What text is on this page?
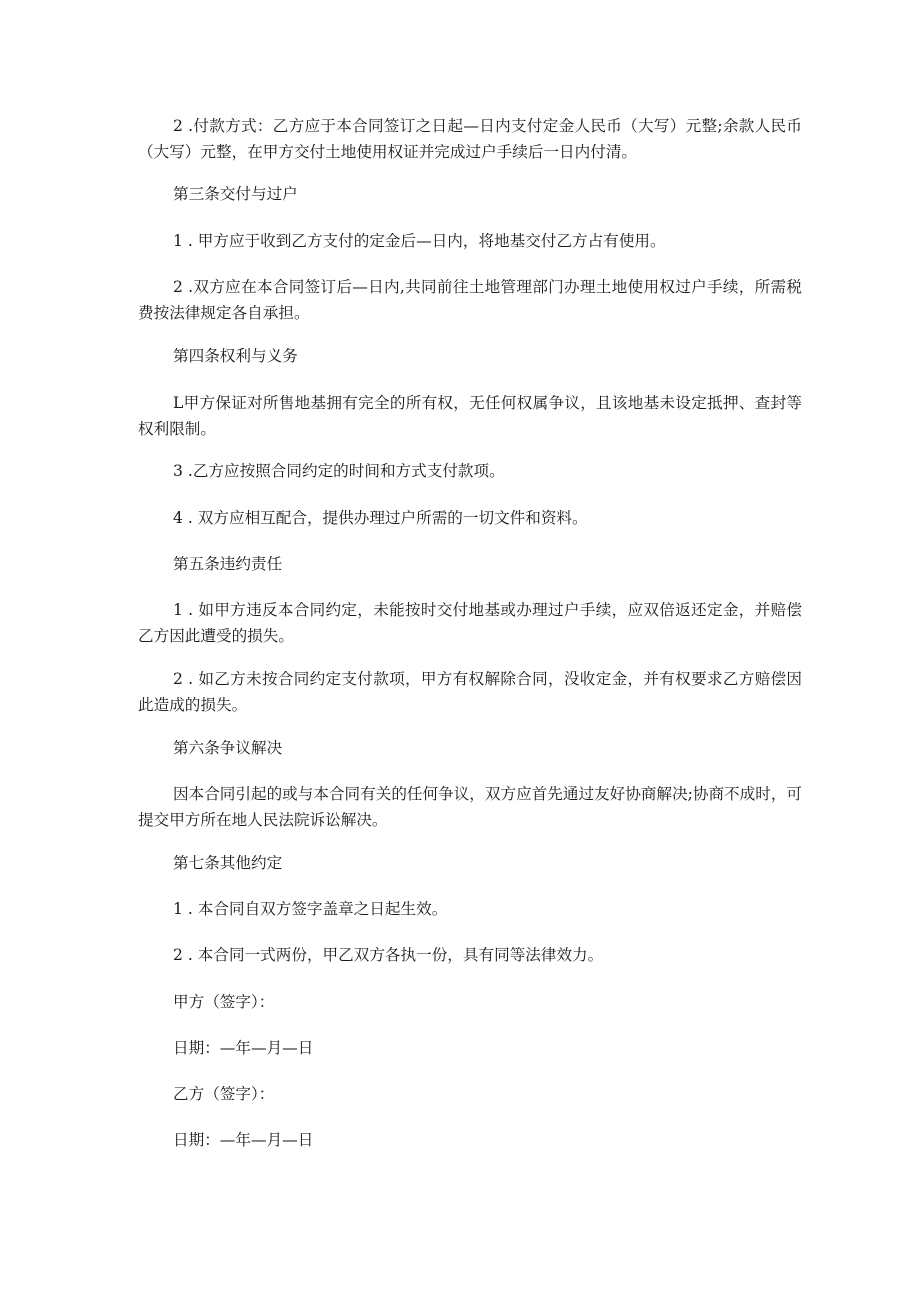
2 .付款方式：乙方应于本合同签订之日起—日内支付定金人民币（大写）元整;余款人民币（大写）元整，在甲方交付土地使用权证并完成过户手续后一日内付清。

第三条交付与过户

1 . 甲方应于收到乙方支付的定金后—日内，将地基交付乙方占有使用。

2 .双方应在本合同签订后—日内,共同前往土地管理部门办理土地使用权过户手续，所需税费按法律规定各自承担。

第四条权利与义务

L甲方保证对所售地基拥有完全的所有权，无任何权属争议，且该地基未设定抵押、查封等权利限制。

3 .乙方应按照合同约定的时间和方式支付款项。

4 . 双方应相互配合，提供办理过户所需的一切文件和资料。

第五条违约责任

1 . 如甲方违反本合同约定，未能按时交付地基或办理过户手续，应双倍返还定金，并赔偿乙方因此遭受的损失。

2 . 如乙方未按合同约定支付款项，甲方有权解除合同，没收定金，并有权要求乙方赔偿因此造成的损失。

第六条争议解决

因本合同引起的或与本合同有关的任何争议，双方应首先通过友好协商解决;协商不成时，可提交甲方所在地人民法院诉讼解决。

第七条其他约定

1 . 本合同自双方签字盖章之日起生效。

2 . 本合同一式两份，甲乙双方各执一份，具有同等法律效力。

甲方（签字）：

日期：—年—月—日

乙方（签字）：

日期：—年—月—日
